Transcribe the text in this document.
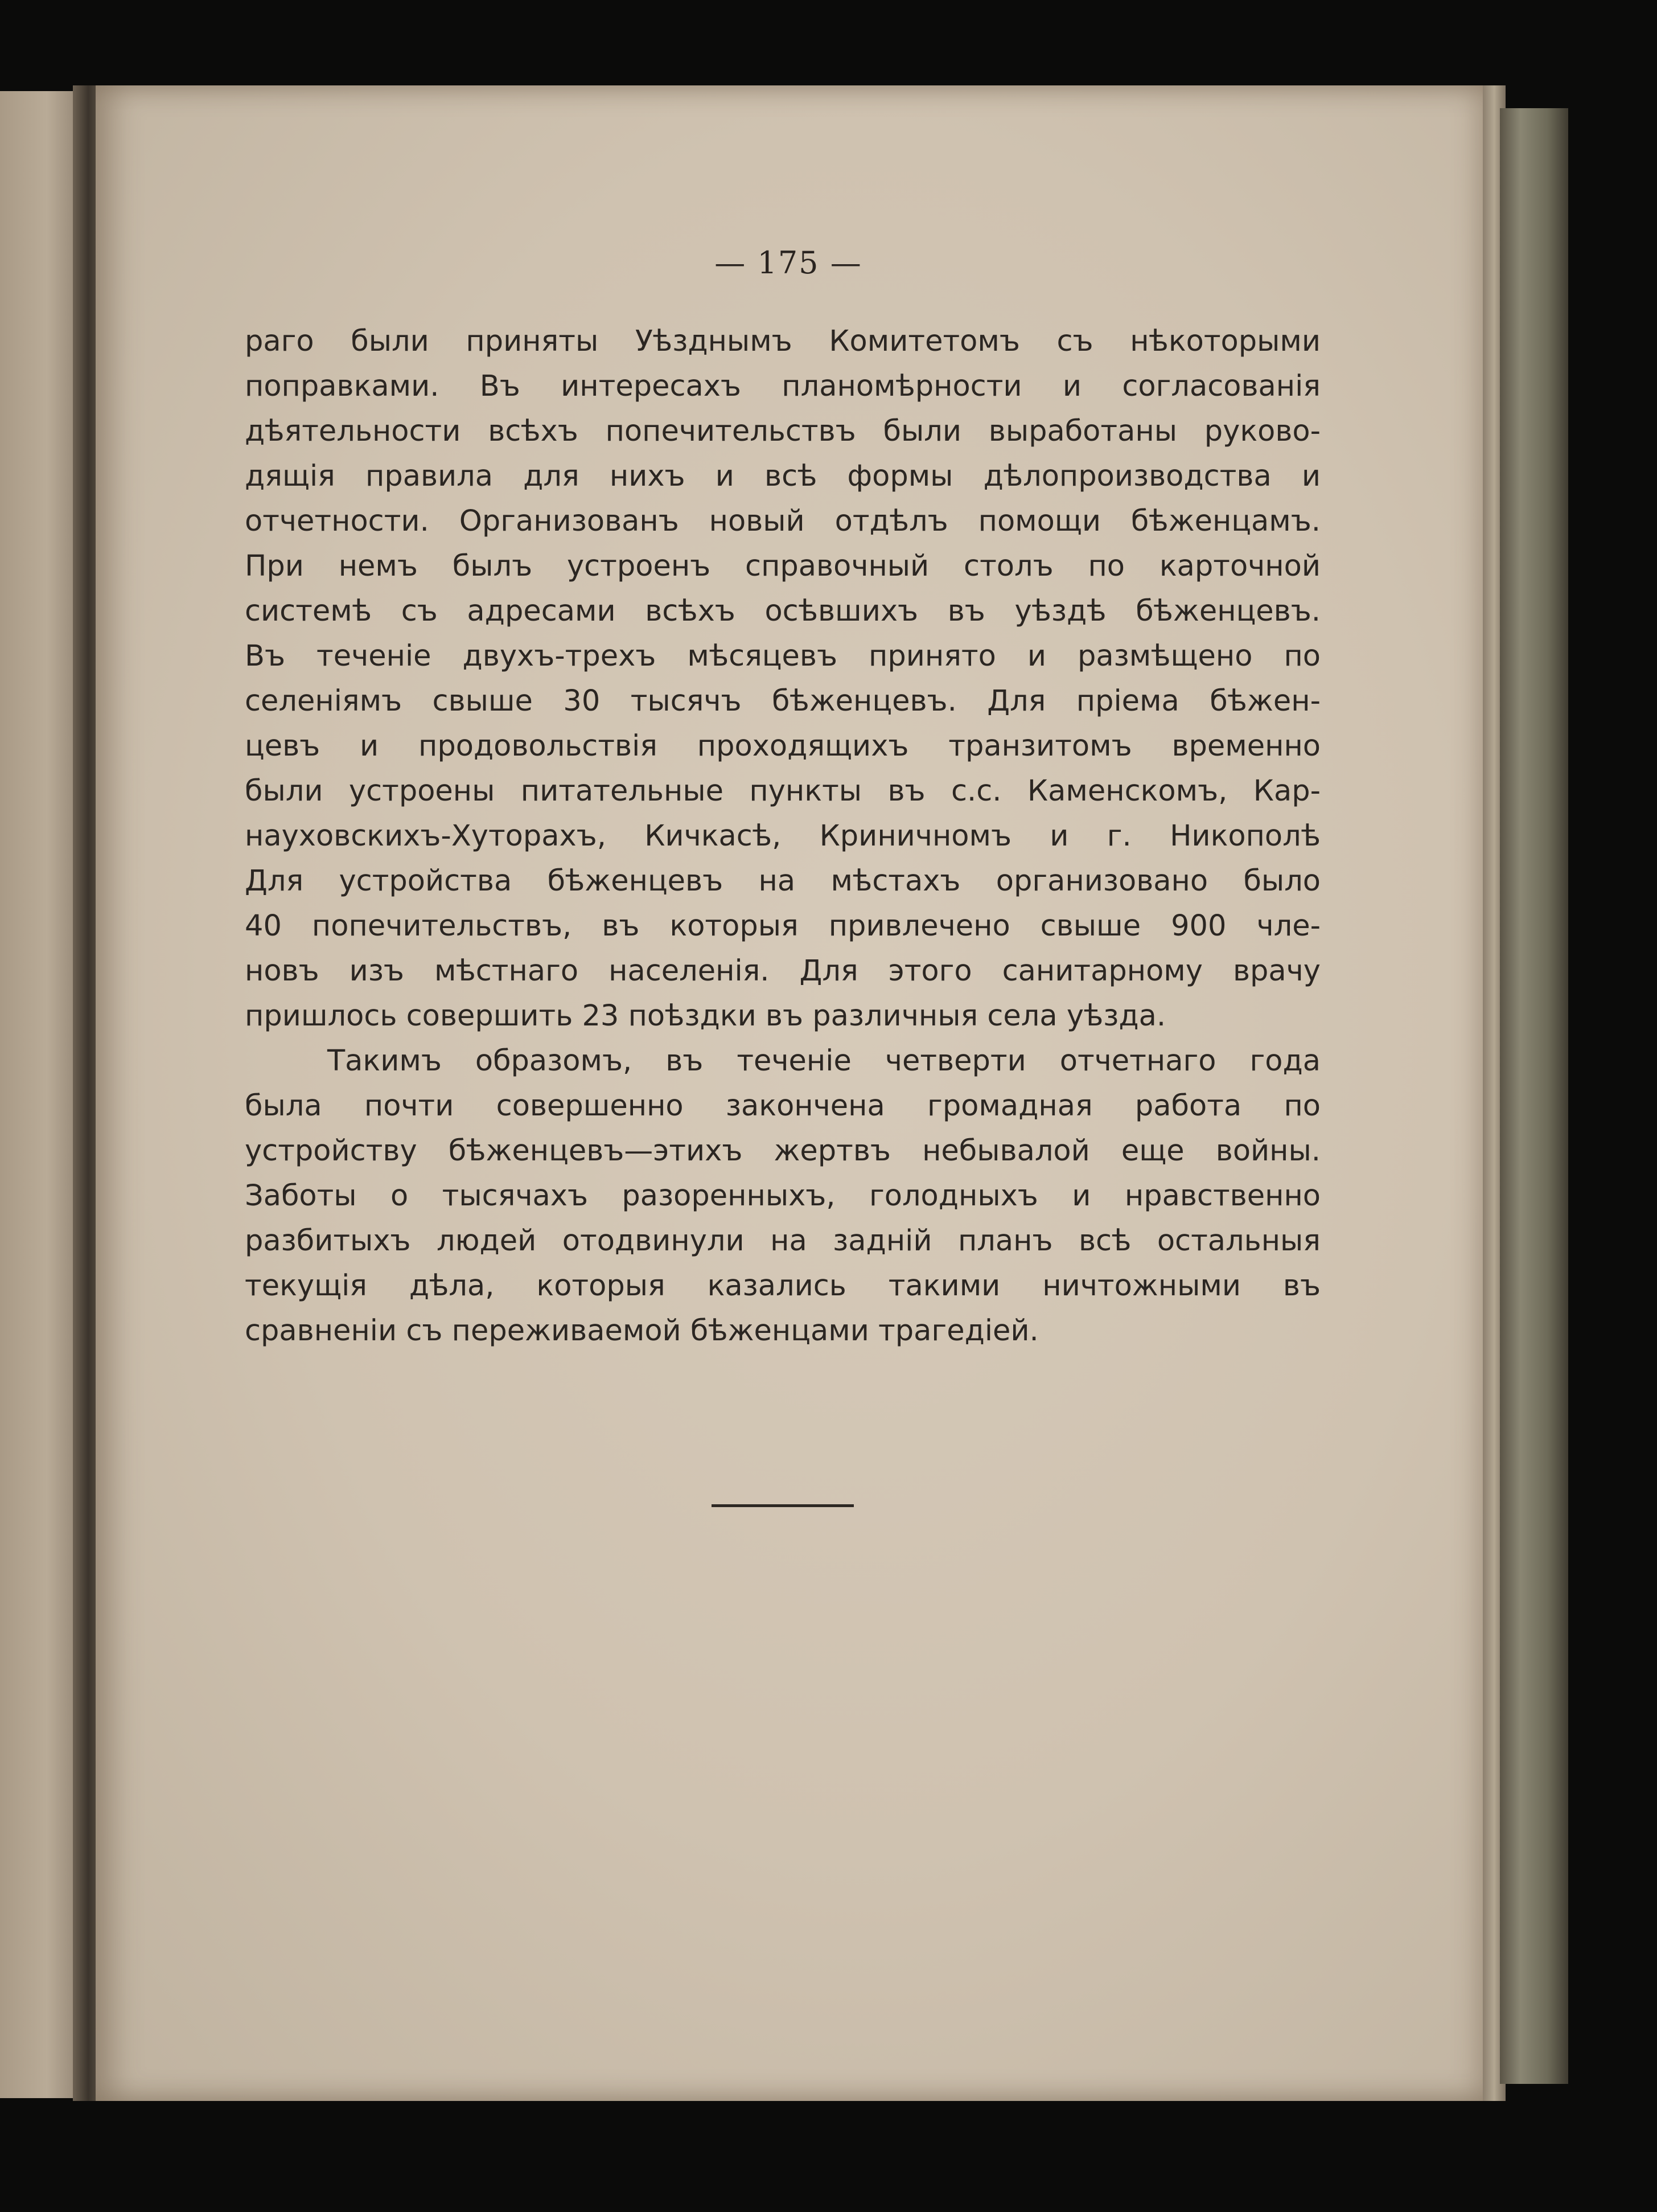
— 175 —
раго были приняты Уѣзднымъ Комитетомъ съ нѣкоторыми
поправками. Въ интересахъ планомѣрности и согласованія
дѣятельности всѣхъ попечительствъ были выработаны руково-
дящія правила для нихъ и всѣ формы дѣлопроизводства и
отчетности. Организованъ новый отдѣлъ помощи бѣженцамъ.
При немъ былъ устроенъ справочный столъ по карточной
системѣ съ адресами всѣхъ осѣвшихъ въ уѣздѣ бѣженцевъ.
Въ теченіе двухъ-трехъ мѣсяцевъ принято и размѣщено по
селеніямъ свыше 30 тысячъ бѣженцевъ. Для пріема бѣжен-
цевъ и продовольствія проходящихъ транзитомъ временно
были устроены питательные пункты въ с.с. Каменскомъ, Кар-
науховскихъ-Хуторахъ, Кичкасѣ, Криничномъ и г. Никополѣ
Для устройства бѣженцевъ на мѣстахъ организовано было
40 попечительствъ, въ которыя привлечено свыше 900 чле-
новъ изъ мѣстнаго населенія. Для этого санитарному врачу
пришлось совершить 23 поѣздки въ различныя села уѣзда.
Такимъ образомъ, въ теченіе четверти отчетнаго года
была почти совершенно закончена громадная работа по
устройству бѣженцевъ—этихъ жертвъ небывалой еще войны.
Заботы о тысячахъ разоренныхъ, голодныхъ и нравственно
разбитыхъ людей отодвинули на заднiй планъ всѣ остальныя
текущія дѣла, которыя казались такими ничтожными въ
сравненіи съ переживаемой бѣженцами трагедіей.
